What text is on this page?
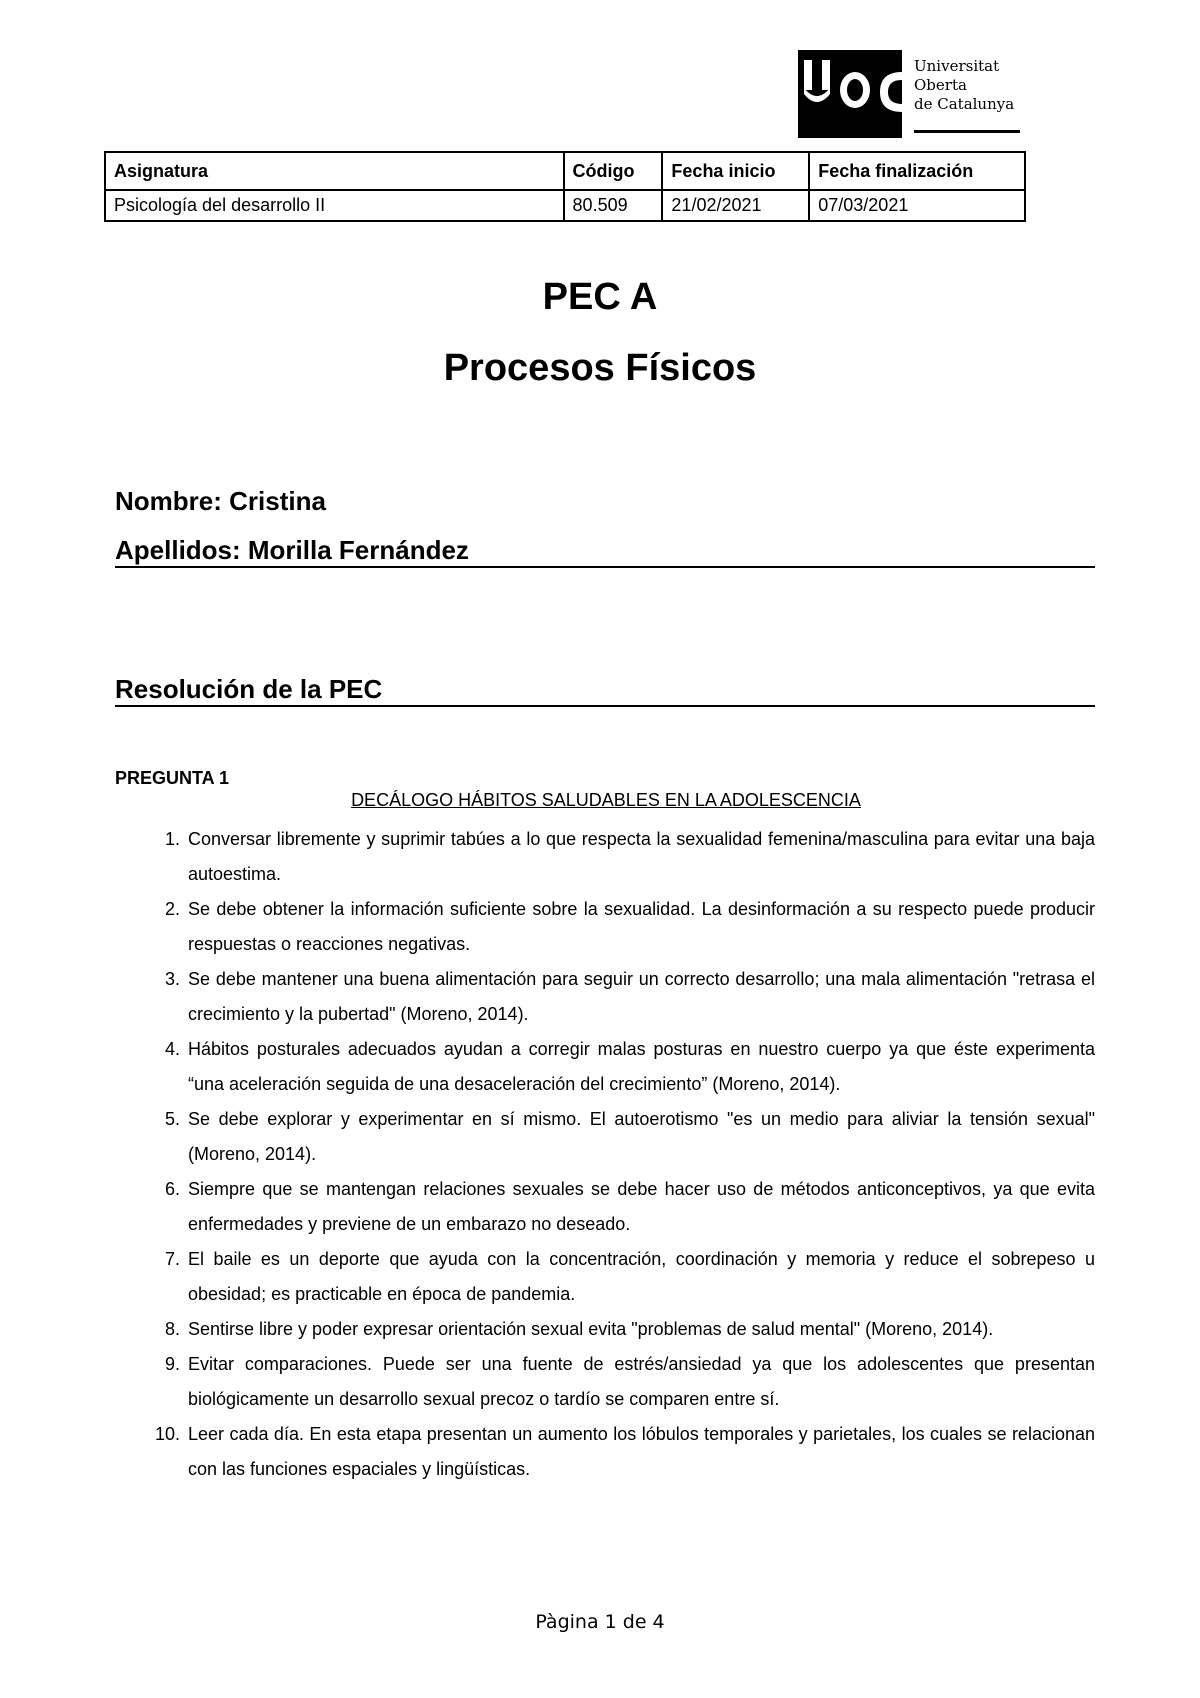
Universitat
Oberta
de Catalunya
Asignatura	Código	Fecha inicio	Fecha finalización
Psicología del desarrollo II	80.509	21/02/2021	07/03/2021
PEC A
Procesos Físicos

Nombre: Cristina

Apellidos: Morilla Fernández

Resolución de la PEC

PREGUNTA 1

DECÁLOGO HÁBITOS SALUDABLES EN LA ADOLESCENCIA

1. Conversar libremente y suprimir tabúes a lo que respecta la sexualidad femenina/masculina para evitar una baja autoestima.
2. Se debe obtener la información suficiente sobre la sexualidad. La desinformación a su respecto puede producir respuestas o reacciones negativas.
3. Se debe mantener una buena alimentación para seguir un correcto desarrollo; una mala alimentación "retrasa el crecimiento y la pubertad" (Moreno, 2014).
4. Hábitos posturales adecuados ayudan a corregir malas posturas en nuestro cuerpo ya que éste experimenta “una aceleración seguida de una desaceleración del crecimiento” (Moreno, 2014).
5. Se debe explorar y experimentar en sí mismo. El autoerotismo "es un medio para aliviar la tensión sexual" (Moreno, 2014).
6. Siempre que se mantengan relaciones sexuales se debe hacer uso de métodos anticonceptivos, ya que evita enfermedades y previene de un embarazo no deseado.
7. El baile es un deporte que ayuda con la concentración, coordinación y memoria y reduce el sobrepeso u obesidad; es practicable en época de pandemia.
8. Sentirse libre y poder expresar orientación sexual evita "problemas de salud mental" (Moreno, 2014).
9. Evitar comparaciones. Puede ser una fuente de estrés/ansiedad ya que los adolescentes que presentan biológicamente un desarrollo sexual precoz o tardío se comparen entre sí.
10. Leer cada día. En esta etapa presentan un aumento los lóbulos temporales y parietales, los cuales se relacionan con las funciones espaciales y lingüísticas.

Pàgina 1 de 4
